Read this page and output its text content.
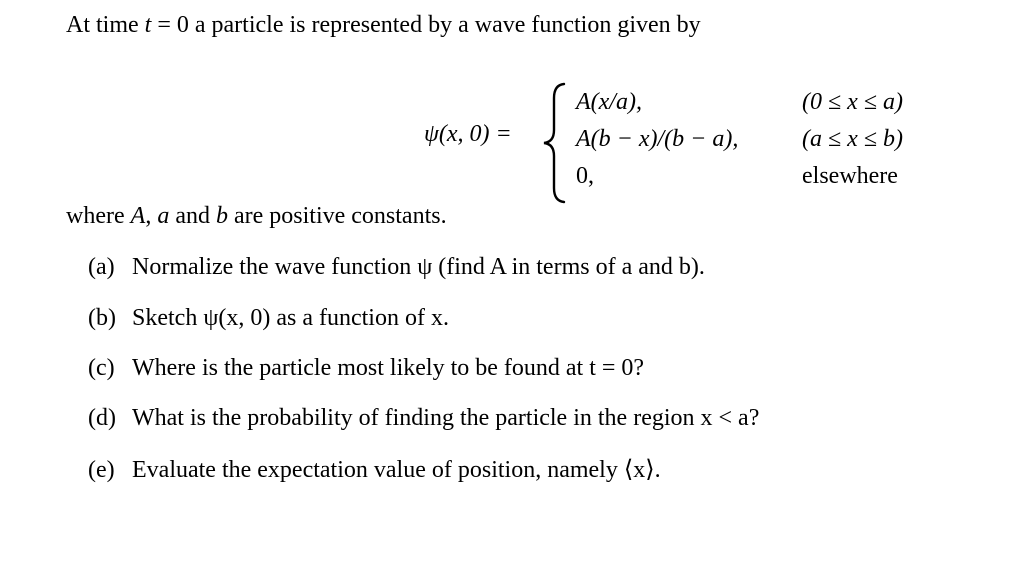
At time t = 0 a particle is represented by a wave function given by
ψ(x, 0) =
A(x/a),	(0 ≤ x ≤ a)
A(b − x)/(b − a),	(a ≤ x ≤ b)
0,	elsewhere
where A, a and b are positive constants.
(a) Normalize the wave function ψ (find A in terms of a and b).
(b) Sketch ψ(x, 0) as a function of x.
(c) Where is the particle most likely to be found at t = 0?
(d) What is the probability of finding the particle in the region x < a?
(e) Evaluate the expectation value of position, namely ⟨x⟩.
